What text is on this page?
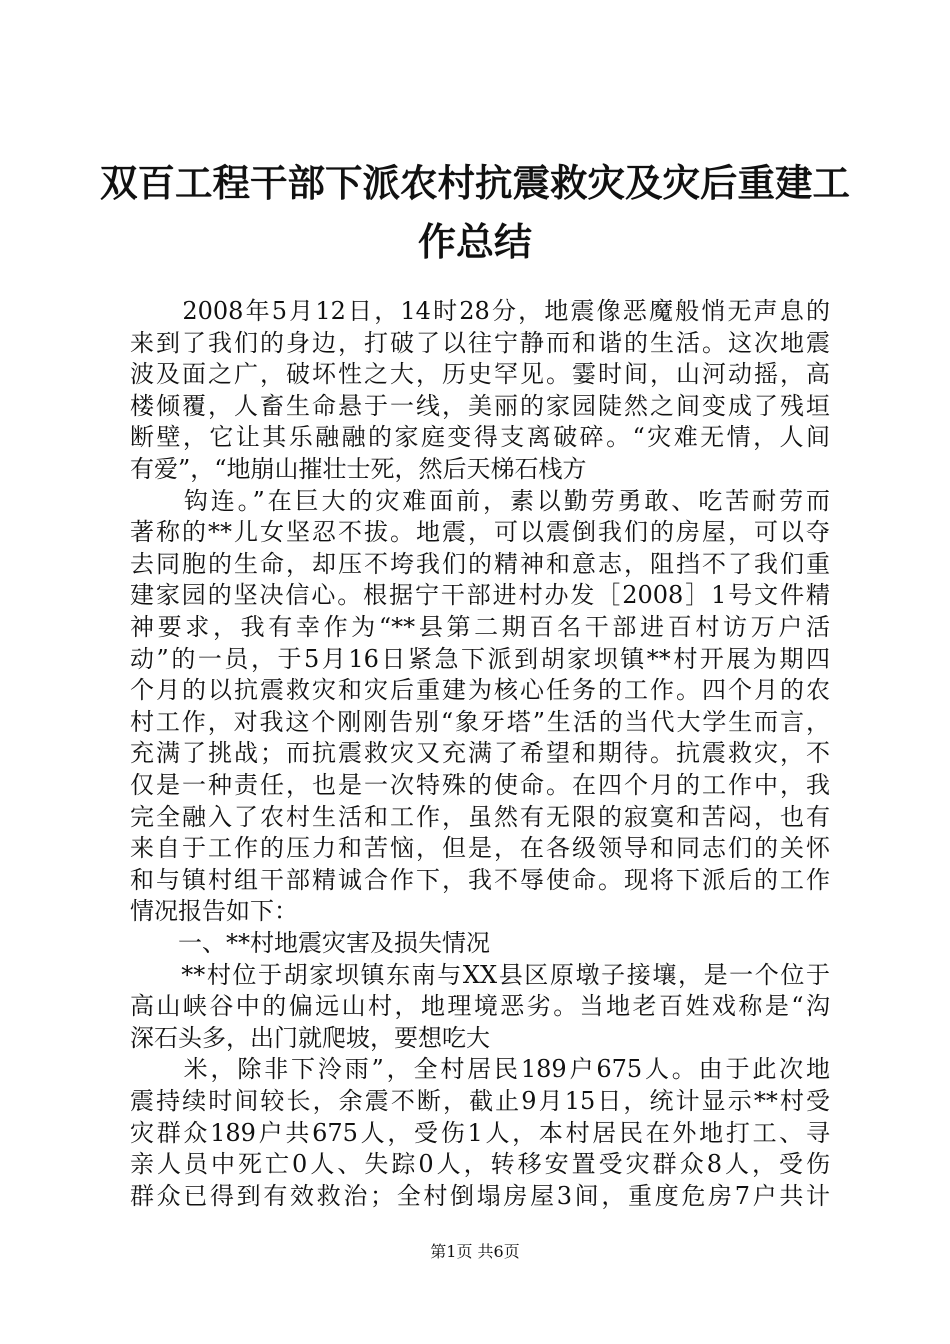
双百工程干部下派农村抗震救灾及灾后重建工
作总结
　　2008年5月12日，14时28分，地震像恶魔般悄无声息的
来到了我们的身边，打破了以往宁静而和谐的生活。这次地震
波及面之广，破坏性之大，历史罕见。霎时间，山河动摇，高
楼倾覆，人畜生命悬于一线，美丽的家园陡然之间变成了残垣
断壁，它让其乐融融的家庭变得支离破碎。“灾难无情，人间
有爱”，“地崩山摧壮士死，然后天梯石栈方
　　钩连。”在巨大的灾难面前，素以勤劳勇敢、吃苦耐劳而
著称的**儿女坚忍不拔。地震，可以震倒我们的房屋，可以夺
去同胞的生命，却压不垮我们的精神和意志，阻挡不了我们重
建家园的坚决信心。根据宁干部进村办发［2008］1号文件精
神要求，我有幸作为“**县第二期百名干部进百村访万户活
动”的一员，于5月16日紧急下派到胡家坝镇**村开展为期四
个月的以抗震救灾和灾后重建为核心任务的工作。四个月的农
村工作，对我这个刚刚告别“象牙塔”生活的当代大学生而言，
充满了挑战；而抗震救灾又充满了希望和期待。抗震救灾，不
仅是一种责任，也是一次特殊的使命。在四个月的工作中，我
完全融入了农村生活和工作，虽然有无限的寂寞和苦闷，也有
来自于工作的压力和苦恼，但是，在各级领导和同志们的关怀
和与镇村组干部精诚合作下，我不辱使命。现将下派后的工作
情况报告如下：
　　一、**村地震灾害及损失情况
　　**村位于胡家坝镇东南与XX县区原墩子接壤，是一个位于
高山峡谷中的偏远山村，地理境恶劣。当地老百姓戏称是“沟
深石头多，出门就爬坡，要想吃大
　　米，除非下泠雨”，全村居民189户675人。由于此次地
震持续时间较长，余震不断，截止9月15日，统计显示**村受
灾群众189户共675人，受伤1人，本村居民在外地打工、寻
亲人员中死亡0人、失踪0人，转移安置受灾群众8人，受伤
群众已得到有效救治；全村倒塌房屋3间，重度危房7户共计
第1页 共6页
